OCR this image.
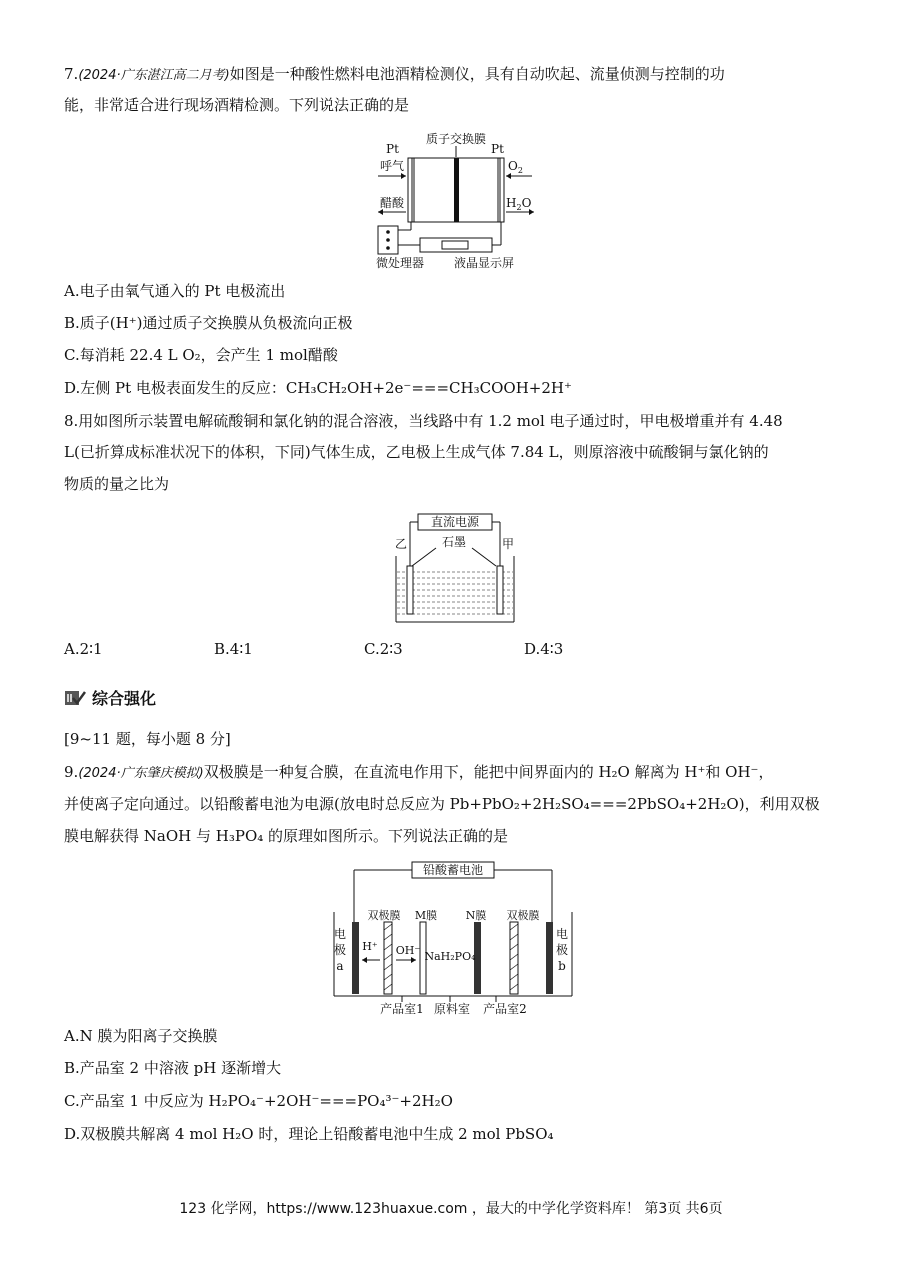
7.(2024·广东湛江高二月考)如图是一种酸性燃料电池酒精检测仪，具有自动吹起、流量侦测与控制的功
能，非常适合进行现场酒精检测。下列说法正确的是
质子交换膜
Pt	Pt
呼气	$O_2$
醋酸	$H_2O$
微处理器 液晶显示屏
A.电子由氧气通入的 Pt 电极流出
B.质子(H⁺)通过质子交换膜从负极流向正极
C.每消耗 22.4 L O₂，会产生 1 mol醋酸
D.左侧 Pt 电极表面发生的反应：CH₃CH₂OH+2e⁻===CH₃COOH+2H⁺
8.用如图所示装置电解硫酸铜和氯化钠的混合溶液，当线路中有 1.2 mol 电子通过时，甲电极增重并有 4.48
L(已折算成标准状况下的体积，下同)气体生成，乙电极上生成气体 7.84 L，则原溶液中硫酸铜与氯化钠的
物质的量之比为
直流电源
乙	甲
石墨
A.2∶1	B.4∶1	C.2∶3	D.4∶3
综合强化
[9~11 题，每小题 8 分]
9.(2024·广东肇庆模拟)双极膜是一种复合膜，在直流电作用下，能把中间界面内的 H₂O 解离为 H⁺和 OH⁻，
并使离子定向通过。以铅酸蓄电池为电源(放电时总反应为 Pb+PbO₂+2H₂SO₄===2PbSO₄+2H₂O)，利用双极
膜电解获得 NaOH 与 H₃PO₄ 的原理如图所示。下列说法正确的是
铅酸蓄电池
双极膜 M膜	N膜 双极膜
电
极
a
电
极
b
H⁺ OH⁻ NaH₂PO₄
产品室1 原料室 产品室2
A.N 膜为阳离子交换膜
B.产品室 2 中溶液 pH 逐渐增大
C.产品室 1 中反应为 H₂PO₄⁻+2OH⁻===PO₄³⁻+2H₂O
D.双极膜共解离 4 mol H₂O 时，理论上铅酸蓄电池中生成 2 mol PbSO₄
123 化学网，https://www.123huaxue.com ，最大的中学化学资料库！ 第3页 共6页
